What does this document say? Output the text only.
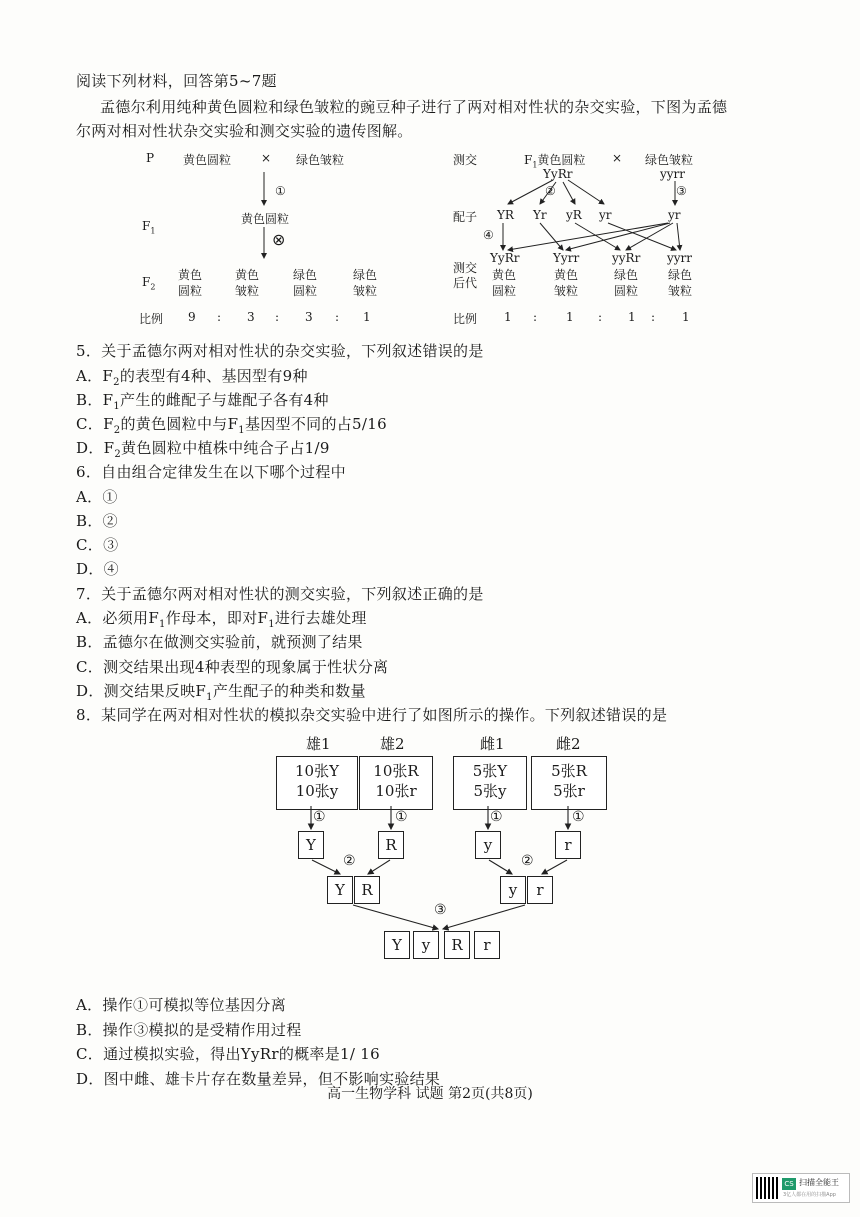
阅读下列材料，回答第5~7题
孟德尔利用纯种黄色圆粒和绿色皱粒的豌豆种子进行了两对相对性状的杂交实验，下图为孟德
尔两对相对性状杂交实验和测交实验的遗传图解。
P 黄色圆粒 × 绿色皱粒
①
$F_1$
黄色圆粒
⊗
$F_2$
黄色
圆粒
黄色
皱粒
绿色
圆粒
绿色
皱粒
比例 9 : 3 : 3 : 1
测交	$F_1$黄色圆粒 × 绿色皱粒
YyRr	yyrr
②	③
配子 YR Yr yR yr	yr
④
测交
后代
YyRr
黄色
圆粒
Yyrr
黄色
皱粒
yyRr
绿色
圆粒
yyrr
绿色
皱粒
比例 1 : 1 : 1 : 1
5．关于孟德尔两对相对性状的杂交实验，下列叙述错误的是
A．$F_2$的表型有4种、基因型有9种
B．$F_1$产生的雌配子与雄配子各有4种
C．$F_2$的黄色圆粒中与$F_1$基因型不同的占5/16
D．$F_2$黄色圆粒中植株中纯合子占1/9
6．自由组合定律发生在以下哪个过程中
A．①
B．②
C．③
D．④
7．关于孟德尔两对相对性状的测交实验，下列叙述正确的是
A．必须用$F_1$作母本，即对$F_1$进行去雄处理
B．孟德尔在做测交实验前，就预测了结果
C．测交结果出现4种表型的现象属于性状分离
D．测交结果反映$F_1$产生配子的种类和数量
8．某同学在两对相对性状的模拟杂交实验中进行了如图所示的操作。下列叙述错误的是
雄1	雄2	雌1	雌2
10张Y
10张y
10张R
10张r
5张Y
5张y
5张R
5张r
①	①	①	①
Y	R	y	r
②	②
Y	R	y	r
③
Y	y	R	r
A．操作①可模拟等位基因分离
B．操作③模拟的是受精作用过程
C．通过模拟实验，得出YyRr的概率是1/ 16
D．图中雌、雄卡片存在数量差异，但不影响实验结果
高一生物学科 试题 第2页(共8页)
CS 扫描全能王
3亿人都在用的扫描App
